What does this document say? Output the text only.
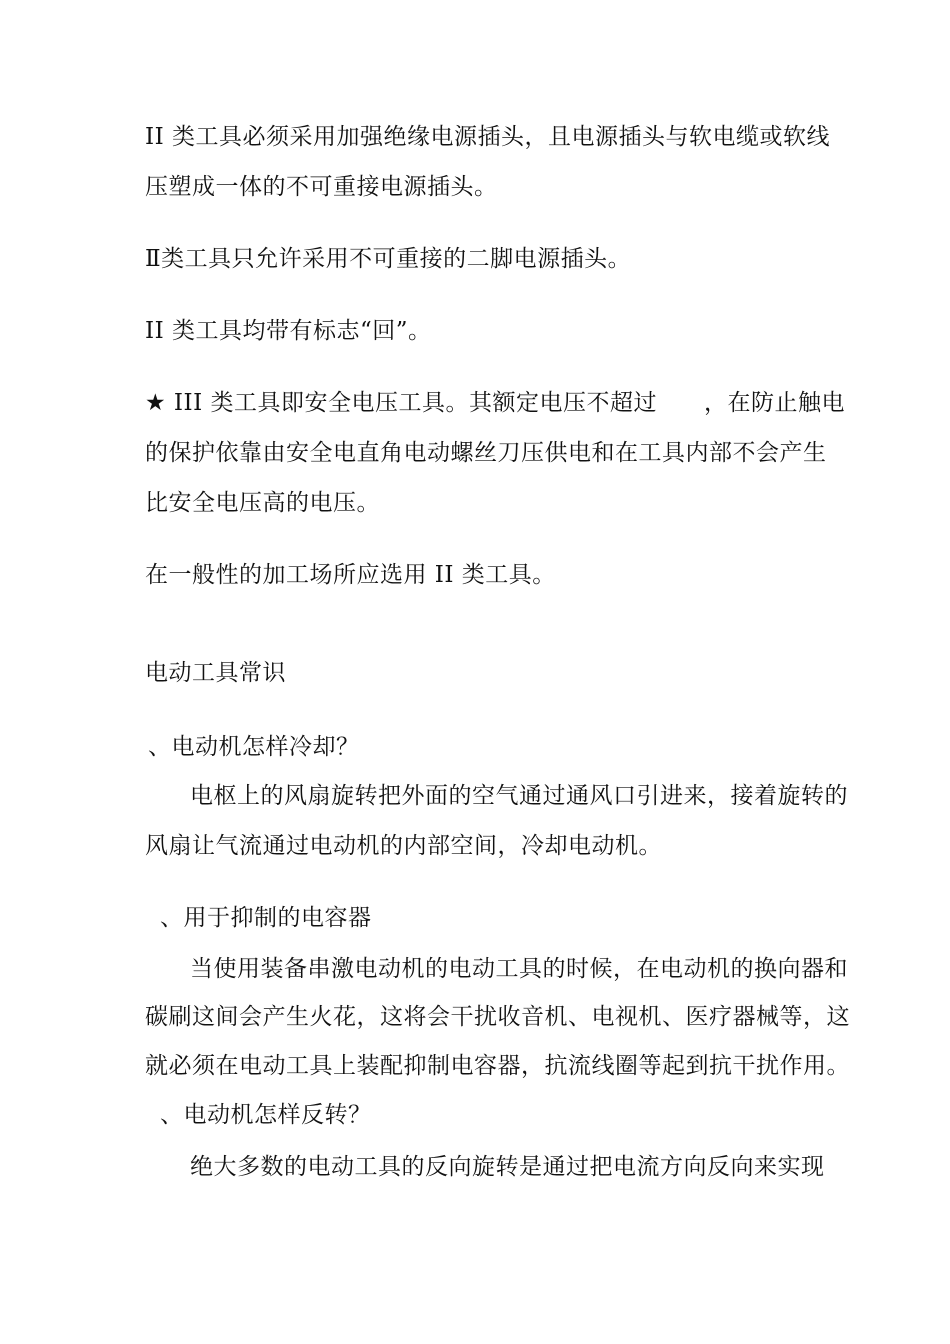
II 类工具必须采用加强绝缘电源插头，且电源插头与软电缆或软线
压塑成一体的不可重接电源插头。
Ⅱ类工具只允许采用不可重接的二脚电源插头。
II 类工具均带有标志“回”。
★ III 类工具即安全电压工具。其额定电压不超过　　，在防止触电
的保护依靠由安全电直角电动螺丝刀压供电和在工具内部不会产生
比安全电压高的电压。
在一般性的加工场所应选用 II 类工具。
电动工具常识
、电动机怎样冷却？
电枢上的风扇旋转把外面的空气通过通风口引进来，接着旋转的
风扇让气流通过电动机的内部空间，冷却电动机。
、用于抑制的电容器
当使用装备串激电动机的电动工具的时候，在电动机的换向器和
碳刷这间会产生火花，这将会干扰收音机、电视机、医疗器械等，这
就必须在电动工具上装配抑制电容器，抗流线圈等起到抗干扰作用。
、电动机怎样反转？
绝大多数的电动工具的反向旋转是通过把电流方向反向来实现
